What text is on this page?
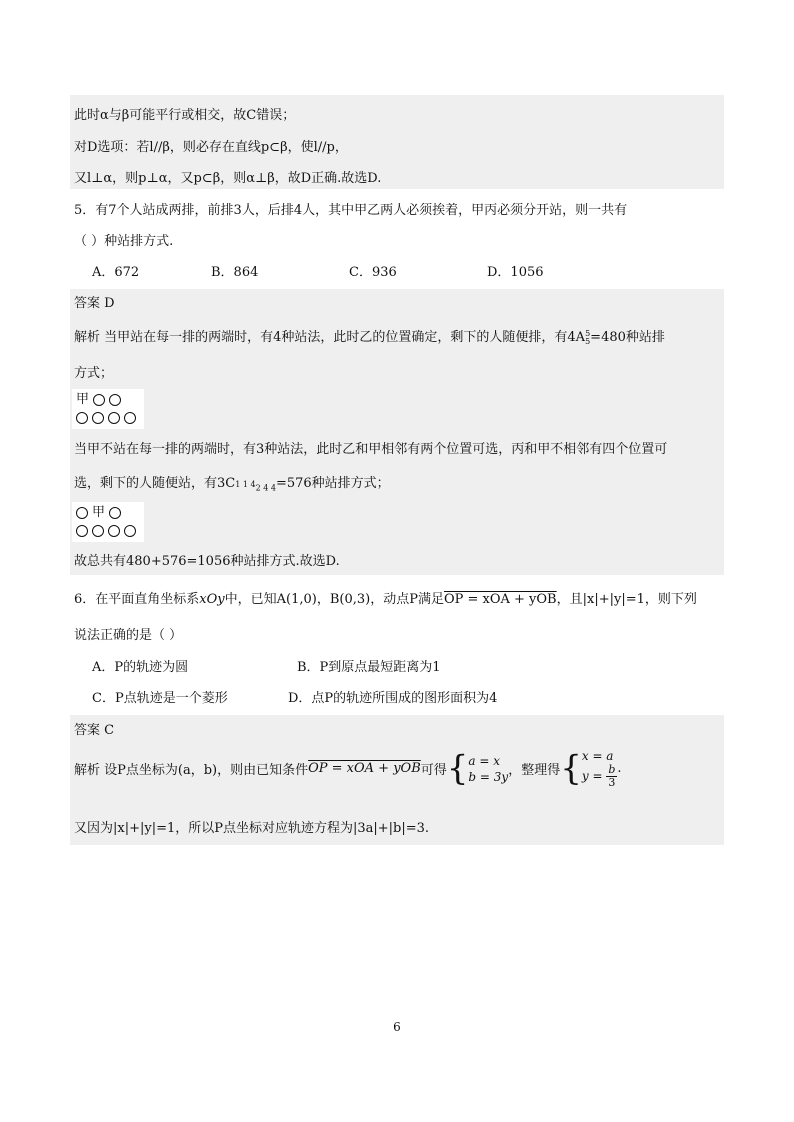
此时α与β可能平行或相交，故C错误；
对D选项：若l//β，则必存在直线p⊂β，使l//p，
又l⊥α，则p⊥α，又p⊂β，则α⊥β，故D正确.故选D.
5．有7个人站成两排，前排3人，后排4人，其中甲乙两人必须挨着，甲丙必须分开站，则一共有
（ ）种站排方式.
A．672	B．864	C．936	D．1056
答案 D
解析 当甲站在每一排的两端时，有4种站法，此时乙的位置确定，剩下的人随便排，有4A 5
5 =480种站排
方式；
甲
当甲不站在每一排的两端时，有3种站法，此时乙和甲相邻有两个位置可选，丙和甲不相邻有四个位置可
选，剩下的人随便站，有3C1 1 $4_{2 4 4}=576$种站排方式；
甲
故总共有480+576=1056种站排方式.故选D.
6．在平面直角坐标系xOy中，已知A(1,0)，B(0,3)，动点P满足OP = xOA + yOB，且|x|+|y|=1，则下列
说法正确的是（ ）
A．P的轨迹为圆	B．P到原点最短距离为1
C．P点轨迹是一个菱形	D．点P的轨迹所围成的图形面积为4
答案 C
解析 设P点坐标为(a，b)，则由已知条件OP = xOA + yOB可得{ a = x
b = 3y ，整理得{ x = a
$y = \frac{b}{3}$ .
又因为|x|+|y|=1，所以P点坐标对应轨迹方程为|3a|+|b|=3.
6
